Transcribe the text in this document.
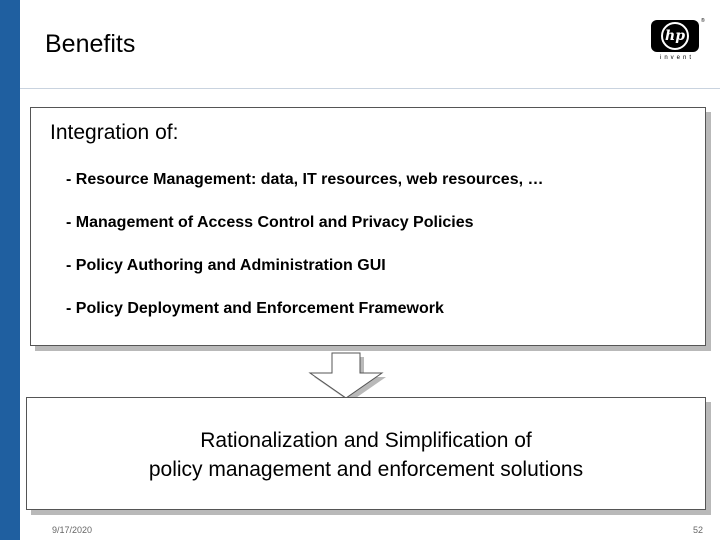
Benefits	hp
®
invent
Integration of:
- Resource Management: data, IT resources, web resources, …
- Management of Access Control and Privacy Policies
- Policy Authoring and Administration GUI
- Policy Deployment and Enforcement Framework
Rationalization and Simplification of
policy management and enforcement solutions
9/17/2020	52
